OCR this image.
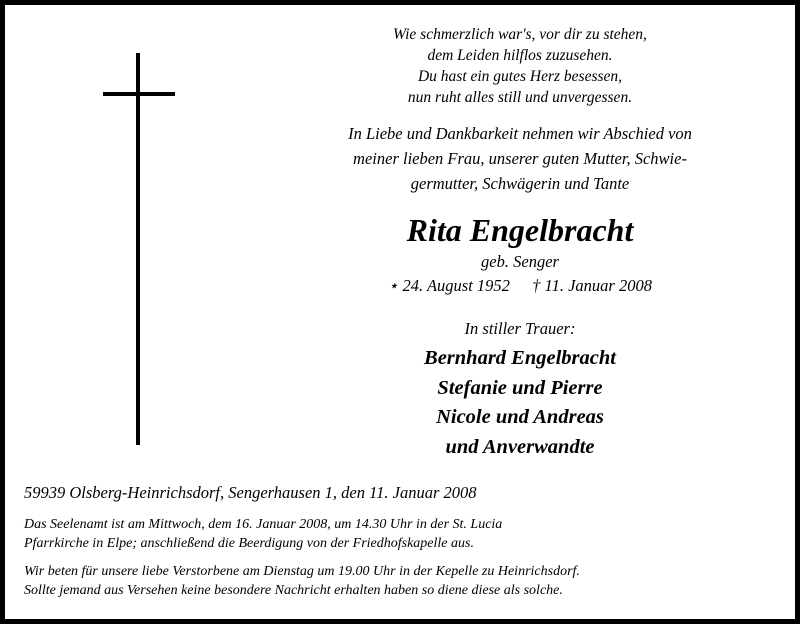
Wie schmerzlich war's, vor dir zu stehen,
dem Leiden hilflos zuzusehen.
Du hast ein gutes Herz besessen,
nun ruht alles still und unvergessen.
In Liebe und Dankbarkeit nehmen wir Abschied von
meiner lieben Frau, unserer guten Mutter, Schwie-
germutter, Schwägerin und Tante
Rita Engelbracht
geb. Senger
⋆ 24. August 1952 † 11. Januar 2008
In stiller Trauer:
Bernhard Engelbracht
Stefanie und Pierre
Nicole und Andreas
und Anverwandte
59939 Olsberg-Heinrichsdorf, Sengerhausen 1, den 11. Januar 2008
Das Seelenamt ist am Mittwoch, dem 16. Januar 2008, um 14.30 Uhr in der St. Lucia
Pfarrkirche in Elpe; anschließend die Beerdigung von der Friedhofskapelle aus.
Wir beten für unsere liebe Verstorbene am Dienstag um 19.00 Uhr in der Kepelle zu Heinrichsdorf.
Sollte jemand aus Versehen keine besondere Nachricht erhalten haben so diene diese als solche.
